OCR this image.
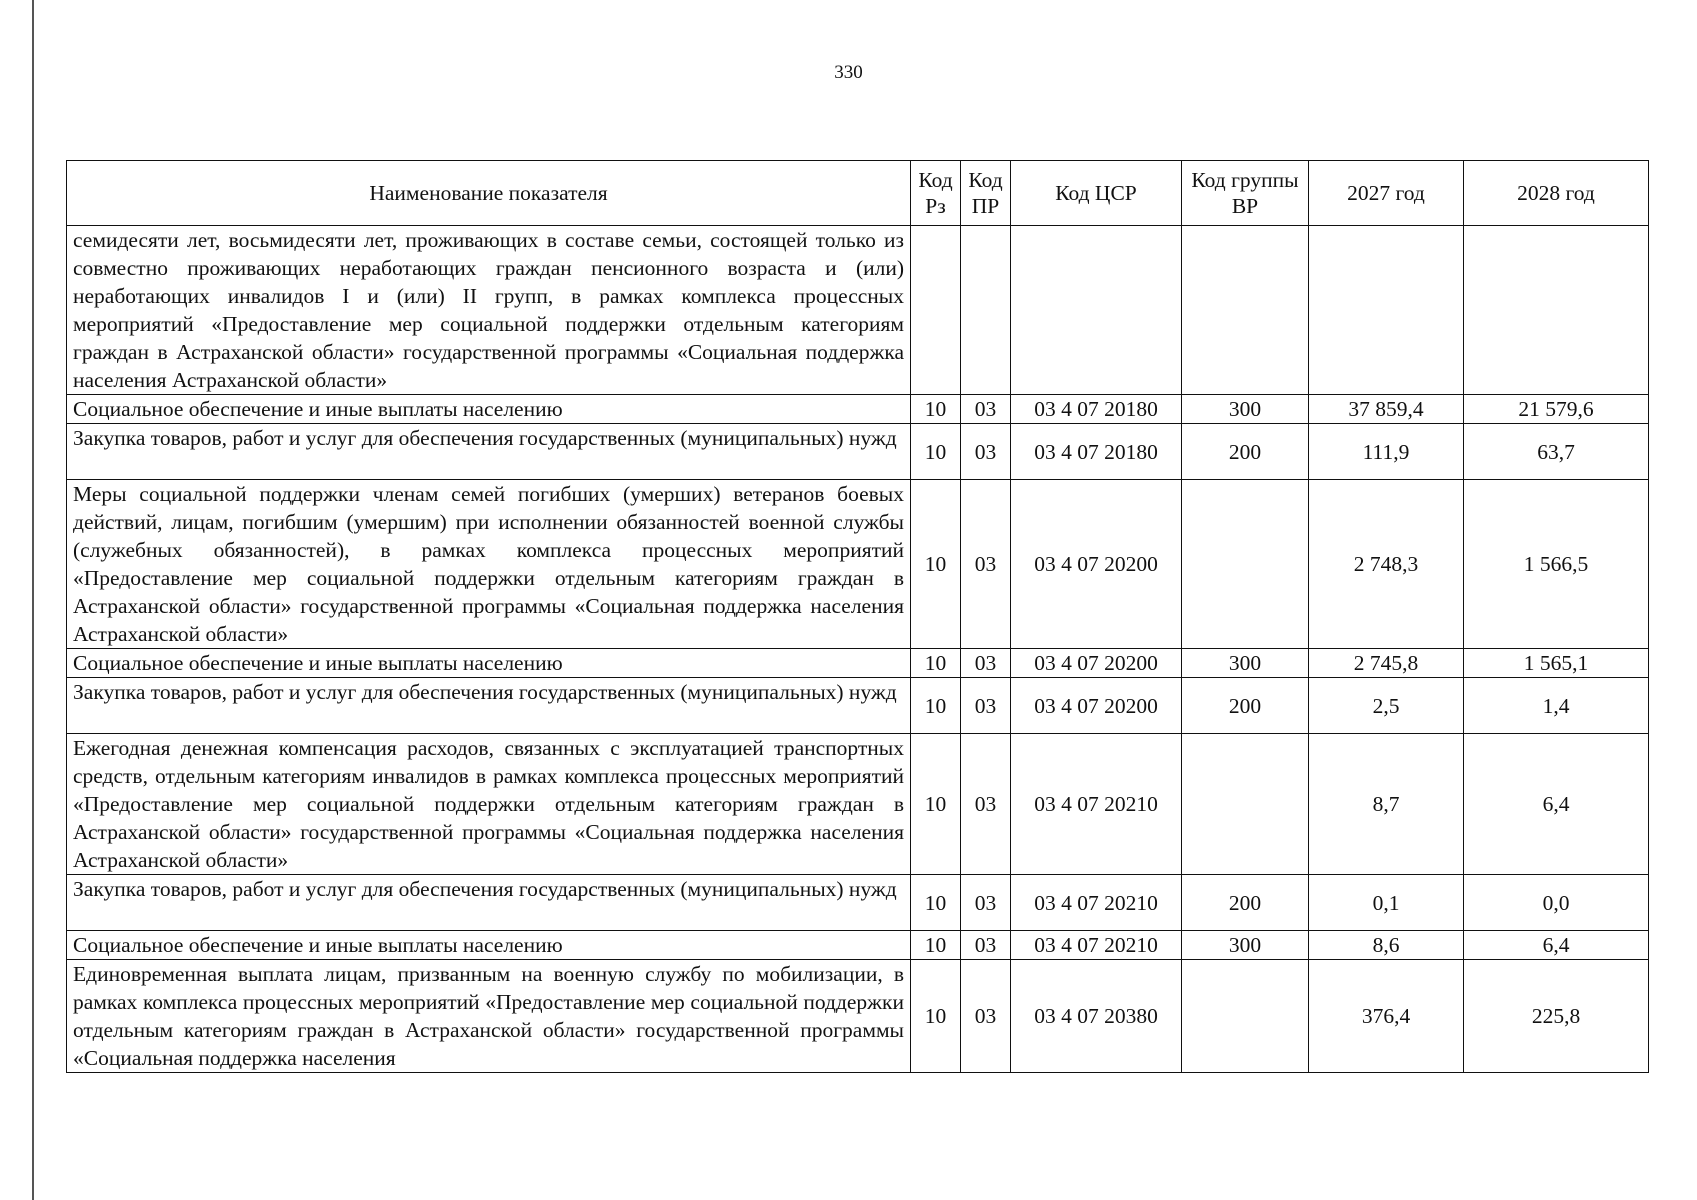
330
Наименование показателя	Код Рз	Код ПР	Код ЦСР	Код группы ВР	2027 год	2028 год
семидесяти лет, восьмидесяти лет, проживающих в составе семьи, состоящей только из совместно проживающих неработающих граждан пенсионного возраста и (или) неработающих инвалидов I и (или) II групп, в рамках комплекса процессных мероприятий «Предоставление мер социальной поддержки отдельным категориям граждан в Астраханской области» государственной программы «Социальная поддержка населения Астраханской области»						
Социальное обеспечение и иные выплаты населению	10	03	03 4 07 20180	300	37 859,4	21 579,6
Закупка товаров, работ и услуг для обеспечения государственных (муниципальных) нужд	10	03	03 4 07 20180	200	111,9	63,7
Меры социальной поддержки членам семей погибших (умерших) ветеранов боевых действий, лицам, погибшим (умершим) при исполнении обязанностей военной службы (служебных обязанностей), в рамках комплекса процессных мероприятий «Предоставление мер социальной поддержки отдельным категориям граждан в Астраханской области» государственной программы «Социальная поддержка населения Астраханской области»	10	03	03 4 07 20200		2 748,3	1 566,5
Социальное обеспечение и иные выплаты населению	10	03	03 4 07 20200	300	2 745,8	1 565,1
Закупка товаров, работ и услуг для обеспечения государственных (муниципальных) нужд	10	03	03 4 07 20200	200	2,5	1,4
Ежегодная денежная компенсация расходов, связанных с эксплуатацией транспортных средств, отдельным категориям инвалидов в рамках комплекса процессных мероприятий «Предоставление мер социальной поддержки отдельным категориям граждан в Астраханской области» государственной программы «Социальная поддержка населения Астраханской области»	10	03	03 4 07 20210		8,7	6,4
Закупка товаров, работ и услуг для обеспечения государственных (муниципальных) нужд	10	03	03 4 07 20210	200	0,1	0,0
Социальное обеспечение и иные выплаты населению	10	03	03 4 07 20210	300	8,6	6,4
Единовременная выплата лицам, призванным на военную службу по мобилизации, в рамках комплекса процессных мероприятий «Предоставление мер социальной поддержки отдельным категориям граждан в Астраханской области» государственной программы «Социальная поддержка населения	10	03	03 4 07 20380		376,4	225,8
